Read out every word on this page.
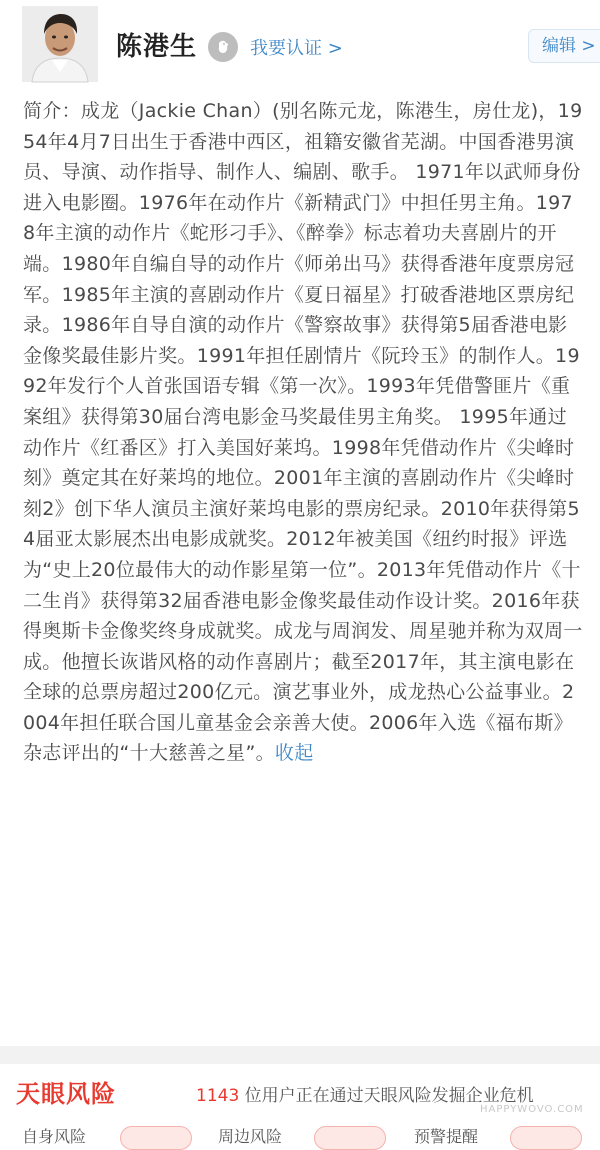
陈港生	我要认证 >	编辑 >
简介：成龙（Jackie Chan）(别名陈元龙，陈港生，房仕龙)，1954年4月7日出生于香港中西区，祖籍安徽省芜湖。中国香港男演员、导演、动作指导、制作人、编剧、歌手。 1971年以武师身份进入电影圈。1976年在动作片《新精武门》中担任男主角。1978年主演的动作片《蛇形刁手》、《醉拳》标志着功夫喜剧片的开端。1980年自编自导的动作片《师弟出马》获得香港年度票房冠军。1985年主演的喜剧动作片《夏日福星》打破香港地区票房纪录。1986年自导自演的动作片《警察故事》获得第5届香港电影金像奖最佳影片奖。1991年担任剧情片《阮玲玉》的制作人。1992年发行个人首张国语专辑《第一次》。1993年凭借警匪片《重案组》获得第30届台湾电影金马奖最佳男主角奖。 1995年通过动作片《红番区》打入美国好莱坞。1998年凭借动作片《尖峰时刻》奠定其在好莱坞的地位。2001年主演的喜剧动作片《尖峰时刻2》创下华人演员主演好莱坞电影的票房纪录。2010年获得第54届亚太影展杰出电影成就奖。2012年被美国《纽约时报》评选为“史上20位最伟大的动作影星第一位”。2013年凭借动作片《十二生肖》获得第32届香港电影金像奖最佳动作设计奖。2016年获得奥斯卡金像奖终身成就奖。成龙与周润发、周星驰并称为双周一成。他擅长诙谐风格的动作喜剧片；截至2017年，其主演电影在全球的总票房超过200亿元。演艺事业外，成龙热心公益事业。2004年担任联合国儿童基金会亲善大使。2006年入选《福布斯》杂志评出的“十大慈善之星”。收起
天眼风险	1143 位用户正在通过天眼风险发掘企业危机
HAPPYWOVO.COM
自身风险	周边风险	预警提醒
